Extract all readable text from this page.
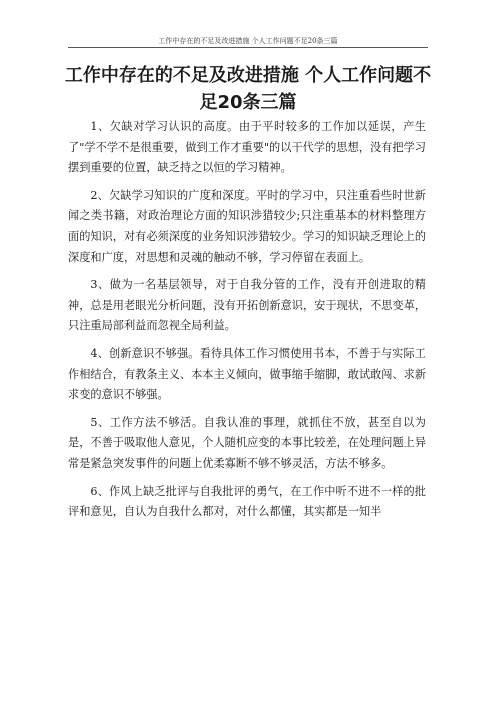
工作中存在的不足及改进措施 个人工作问题不足20条三篇
工作中存在的不足及改进措施 个人工作问题不足20条三篇

1、欠缺对学习认识的高度。由于平时较多的工作加以延误，产生了"学不学不是很重要，做到工作才重要"的以干代学的思想，没有把学习摆到重要的位置，缺乏持之以恒的学习精神。

2、欠缺学习知识的广度和深度。平时的学习中，只注重看些时世新闻之类书籍，对政治理论方面的知识涉猎较少;只注重基本的材料整理方面的知识，对有必须深度的业务知识涉猎较少。学习的知识缺乏理论上的深度和广度，对思想和灵魂的触动不够，学习停留在表面上。

3、做为一名基层领导，对于自我分管的工作，没有开创进取的精神，总是用老眼光分析问题，没有开拓创新意识，安于现状，不思变革，只注重局部利益而忽视全局利益。

4、创新意识不够强。看待具体工作习惯使用书本，不善于与实际工作相结合，有教条主义、本本主义倾向，做事缩手缩脚，敢试敢闯、求新求变的意识不够强。

5、工作方法不够活。自我认准的事理，就抓住不放，甚至自以为是，不善于吸取他人意见，个人随机应变的本事比较差，在处理问题上异常是紧急突发事件的问题上优柔寡断不够不够灵活，方法不够多。

6、作风上缺乏批评与自我批评的勇气，在工作中听不进不一样的批评和意见，自认为自我什么都对，对什么都懂，其实都是一知半
